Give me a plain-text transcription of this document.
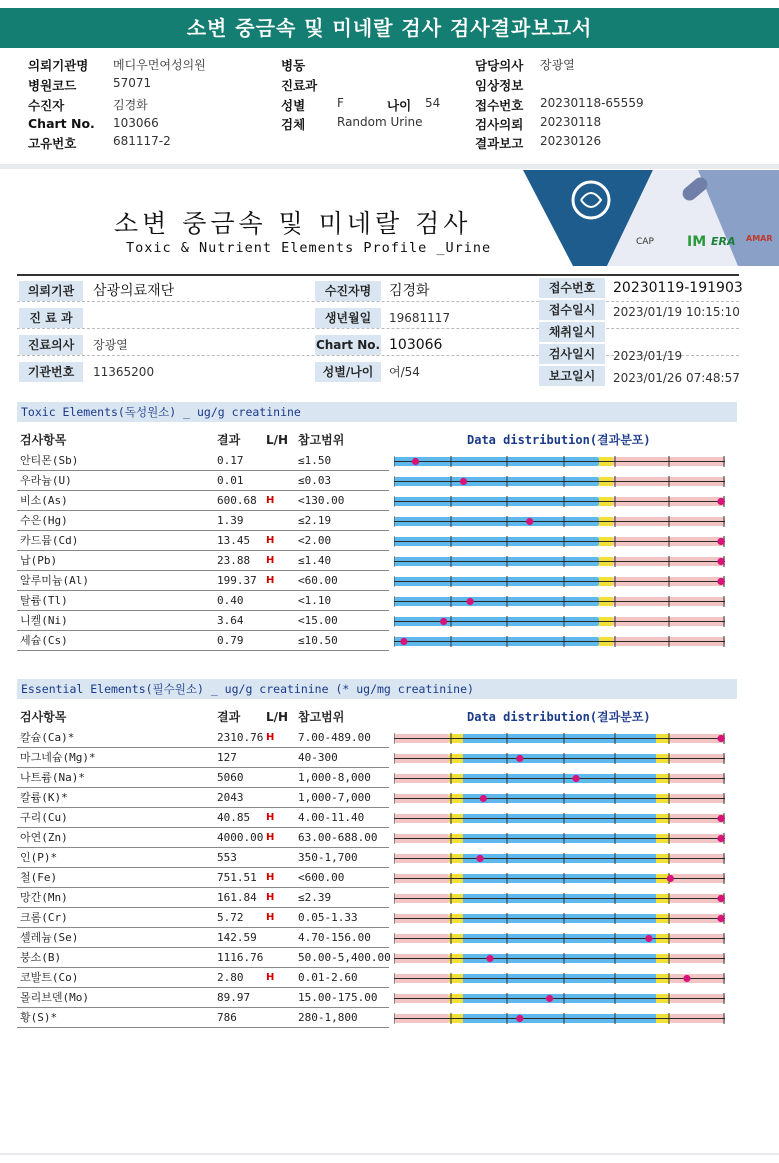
소변 중금속 및 미네랄 검사 검사결과보고서
의뢰기관명 메디우먼여성의원
병원코드	57071
수진자	김경화
Chart No. 103066
고유번호	681117-2
병동
진료과
성별	F	나이 54
검체	Random Urine
담당의사 장광열
임상정보
접수번호 20230118-65559
검사의뢰 20230118
결과보고 20230126
CAP IM ERA AMAR
소변 중금속 및 미네랄 검사
Toxic & Nutrient Elements Profile _Urine
의뢰기관	삼광의료재단
진 료 과
진료의사	장광열
기관번호	11365200
수진자명	김경화
생년월일	19681117
Chart No. 103066
성별/나이	여/54
접수번호	20230119-191903
접수일시	2023/01/19 10:15:10
채취일시
검사일시	2023/01/19
보고일시	2023/01/26 07:48:57
Toxic Elements(독성원소) _ ug/g creatinine
검사항목	결과 L/H 참고범위	Data distribution(결과분포)
안티몬(Sb)	0.17	≤1.50
우라늄(U)	0.01	≤0.03
비소(As)	600.68 H <130.00
수은(Hg)	1.39	≤2.19
카드뮴(Cd)	13.45 H <2.00
납(Pb)	23.88 H ≤1.40
알루미늄(Al)	199.37 H <60.00
탈륨(Tl)	0.40	<1.10
니켈(Ni)	3.64	<15.00
세슘(Cs)	0.79	≤10.50
Essential Elements(필수원소) _ ug/g creatinine (* ug/mg creatinine)
검사항목	결과 L/H 참고범위	Data distribution(결과분포)
칼슘(Ca)*	2310.76 H 7.00-489.00
마그네슘(Mg)*	127	40-300
나트륨(Na)*	5060	1,000-8,000
칼륨(K)*	2043	1,000-7,000
구리(Cu)	40.85 H 4.00-11.40
아연(Zn)	4000.00 H 63.00-688.00
인(P)*	553	350-1,700
철(Fe)	751.51 H <600.00
망간(Mn)	161.84 H ≤2.39
크롬(Cr)	5.72 H 0.05-1.33
셀레늄(Se)	142.59	4.70-156.00
붕소(B)	1116.76	50.00-5,400.00
코발트(Co)	2.80 H 0.01-2.60
몰리브덴(Mo)	89.97	15.00-175.00
황(S)*	786	280-1,800
